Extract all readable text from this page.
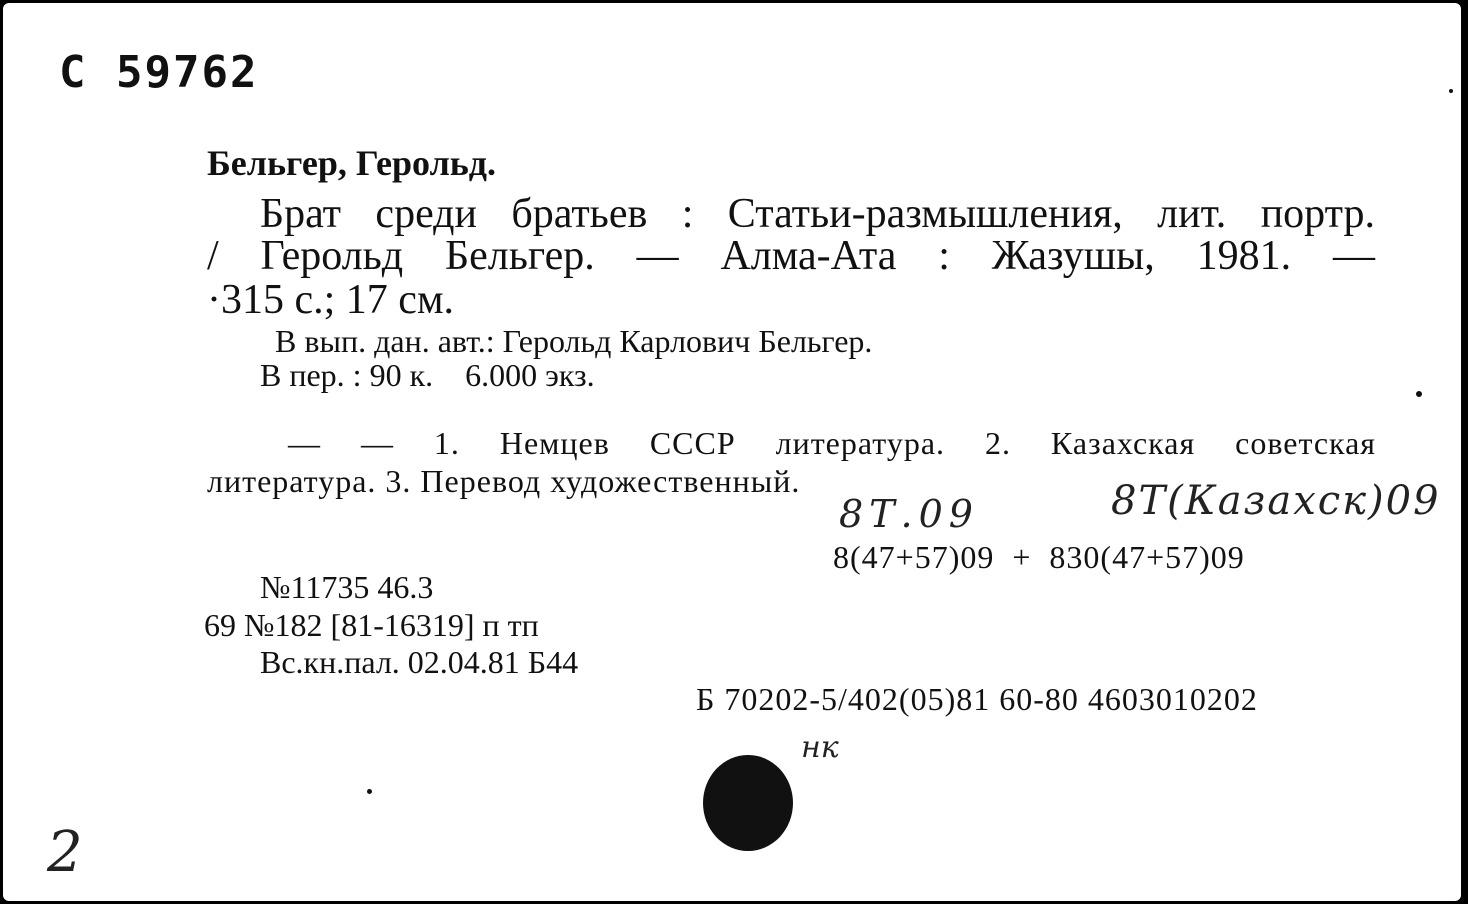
С 59762

Бельгер, Герольд.

Брат среди братьев : Статьи-размышления, лит. портр.

/ Герольд Бельгер. — Алма-Ата : Жазушы, 1981. —

·315 с.; 17 см.

В вып. дан. авт.: Герольд Карлович Бельгер.

В пер. : 90 к.    6.000 экз.

— — 1. Немцев СССР литература. 2. Казахская советская

литература. 3. Перевод художественный.

8Т.09	8Т(Казахск)09

8(47+57)09  +  830(47+57)09

№11735 46.3

69 №182 [81-16319] п тп

Вс.кн.пал. 02.04.81 Б44

Б 70202-5/402(05)81 60-80 4603010202

нк
2
